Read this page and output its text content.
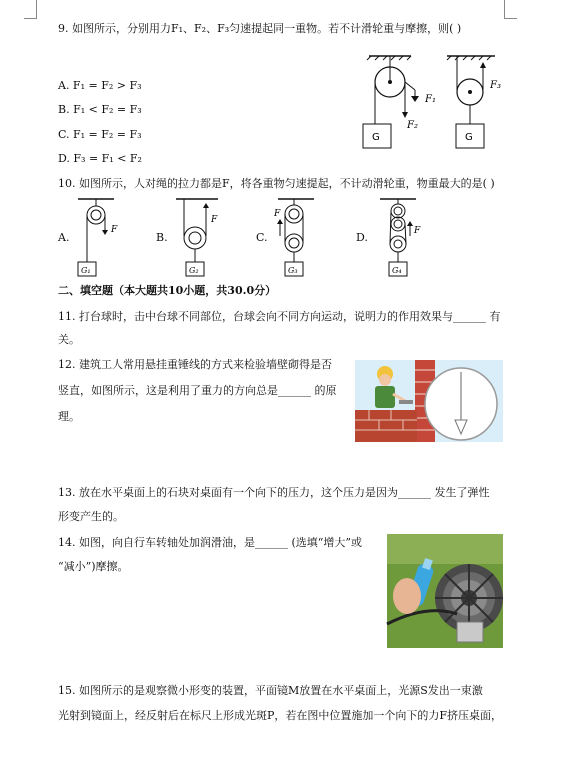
9. 如图所示，分别用力F₁、F₂、F₃匀速提起同一重物。若不计滑轮重与摩擦，则( )
A. F₁ = F₂ > F₃
B. F₁ < F₂ = F₃
C. F₁ = F₂ = F₃
D. F₃ = F₁ < F₂
G
F₁
F₂
G
F₃
10. 如图所示，人对绳的拉力都是F，将各重物匀速提起，不计动滑轮重，物重最大的是( )
A.	B.	C.	D.
F
G₁
F
G₂
F
G₃
F
G₄
二、填空题（本大题共10小题，共30.0分）
11. 打台球时，击中台球不同部位，台球会向不同方向运动，说明力的作用效果与______ 有
关。
12. 建筑工人常用悬挂重锤线的方式来检验墙壁砌得是否
竖直，如图所示，这是利用了重力的方向总是______ 的原
理。
13. 放在水平桌面上的石块对桌面有一个向下的压力，这个压力是因为______ 发生了弹性
形变产生的。
14. 如图，向自行车转轴处加润滑油，是______ (选填“增大”或
“减小”)摩擦。
15. 如图所示的是观察微小形变的装置，平面镜M放置在水平桌面上，光源S发出一束激
光射到镜面上，经反射后在标尺上形成光斑P，若在图中位置施加一个向下的力F挤压桌面，
